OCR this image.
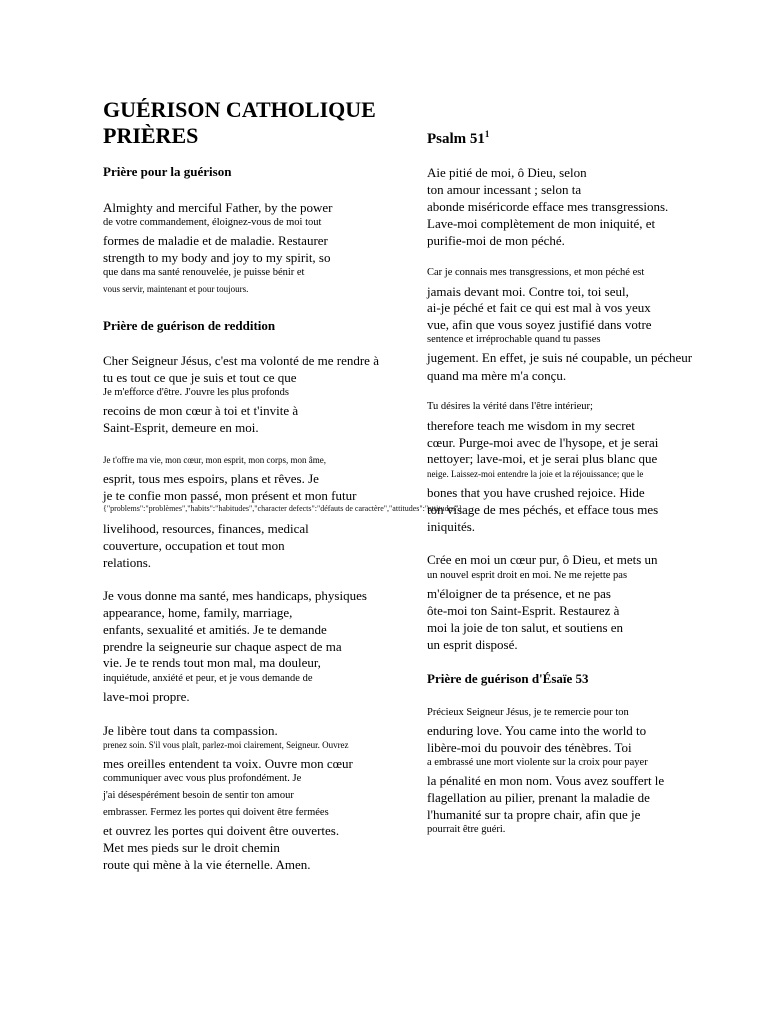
GUÉRISON CATHOLIQUE
PRIÈRES
Prière pour la guérison
Almighty and merciful Father, by the power
de votre commandement, éloignez-vous de moi tout
formes de maladie et de maladie. Restaurer
strength to my body and joy to my spirit, so
que dans ma santé renouvelée, je puisse bénir et
vous servir, maintenant et pour toujours.
Prière de guérison de reddition
Cher Seigneur Jésus, c'est ma volonté de me rendre à
tu es tout ce que je suis et tout ce que
Je m'efforce d'être. J'ouvre les plus profonds
recoins de mon cœur à toi et t'invite à
Saint-Esprit, demeure en moi.
Je t'offre ma vie, mon cœur, mon esprit, mon corps, mon âme,
esprit, tous mes espoirs, plans et rêves. Je
je te confie mon passé, mon présent et mon futur
livelihood, resources, finances, medical
couverture, occupation et tout mon
relations.
Je vous donne ma santé, mes handicaps, physiques
appearance, home, family, marriage,
enfants, sexualité et amitiés. Je te demande
prendre la seigneurie sur chaque aspect de ma
vie. Je te rends tout mon mal, ma douleur,
inquiétude, anxiété et peur, et je vous demande de
lave-moi propre.
Je libère tout dans ta compassion.
prenez soin. S'il vous plaît, parlez-moi clairement, Seigneur. Ouvrez
mes oreilles entendent ta voix. Ouvre mon cœur
communiquer avec vous plus profondément. Je
j'ai désespérément besoin de sentir ton amour
embrasser. Fermez les portes qui doivent être fermées
et ouvrez les portes qui doivent être ouvertes.
Met mes pieds sur le droit chemin
route qui mène à la vie éternelle. Amen.
Psalm $51^1$
Aie pitié de moi, ô Dieu, selon
ton amour incessant ; selon ta
abonde miséricorde efface mes transgressions.
Lave-moi complètement de mon iniquité, et
purifie-moi de mon péché.
Car je connais mes transgressions, et mon péché est
jamais devant moi. Contre toi, toi seul,
ai-je péché et fait ce qui est mal à vos yeux
vue, afin que vous soyez justifié dans votre
sentence et irréprochable quand tu passes
jugement. En effet, je suis né coupable, un pécheur
quand ma mère m'a conçu.
Tu désires la vérité dans l'être intérieur;
therefore teach me wisdom in my secret
cœur. Purge-moi avec de l'hysope, et je serai
nettoyer; lave-moi, et je serai plus blanc que
neige. Laissez-moi entendre la joie et la réjouissance; que le
bones that you have crushed rejoice. Hide
ton visage de mes péchés, et efface tous mes
iniquités.
Crée en moi un cœur pur, ô Dieu, et mets un
un nouvel esprit droit en moi. Ne me rejette pas
m'éloigner de ta présence, et ne pas
ôte-moi ton Saint-Esprit. Restaurez à
moi la joie de ton salut, et soutiens en
un esprit disposé.
Prière de guérison d'Ésaïe 53
Précieux Seigneur Jésus, je te remercie pour ton
enduring love. You came into the world to
libère-moi du pouvoir des ténèbres. Toi
a embrassé une mort violente sur la croix pour payer
la pénalité en mon nom. Vous avez souffert le
flagellation au pilier, prenant la maladie de
l'humanité sur ta propre chair, afin que je
pourrait être guéri.
{"problems":"problèmes","habits":"habitudes","character defects":"défauts de caractère","attitudes":"attitudes"}
